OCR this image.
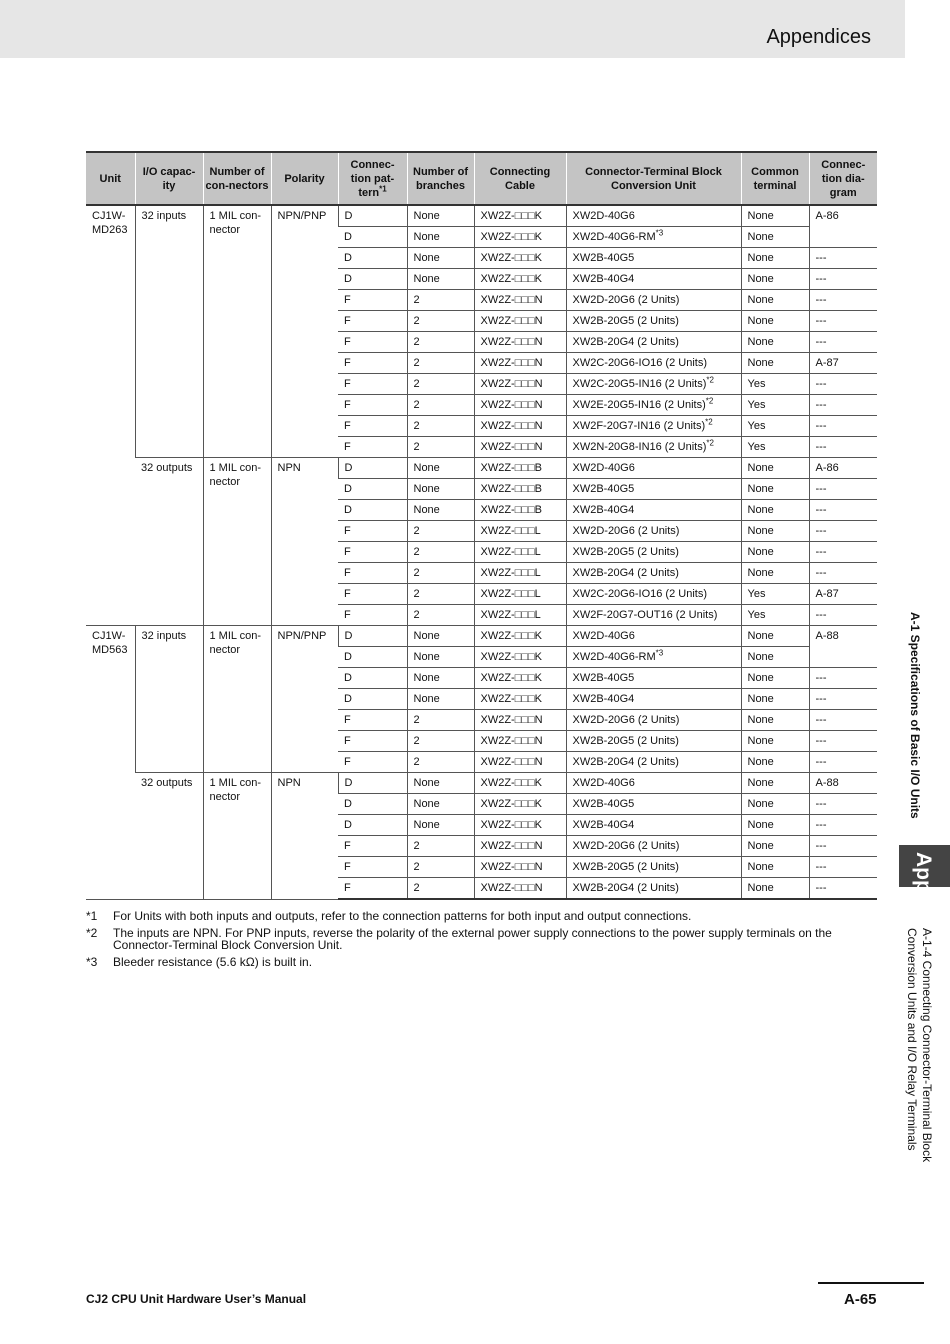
Appendices
Unit	I/O capac-ity	Number of con-nectors	Polarity	Connec-tion pat-tern$^{*1}$	Number of branches	Connecting Cable	Connector-Terminal Block Conversion Unit	Common terminal	Connec-tion dia-gram
CJ1W-MD263	32 inputs	1 MIL con-nector	NPN/PNP	D	None	XW2Z-□□□K	XW2D-40G6	None	A-86
				D	None	XW2Z-□□□K	XW2D-40G6-RM$^{*3}$	None	
				D	None	XW2Z-□□□K	XW2B-40G5	None	---
				D	None	XW2Z-□□□K	XW2B-40G4	None	---
				F	2	XW2Z-□□□N	XW2D-20G6 (2 Units)	None	---
				F	2	XW2Z-□□□N	XW2B-20G5 (2 Units)	None	---
				F	2	XW2Z-□□□N	XW2B-20G4 (2 Units)	None	---
				F	2	XW2Z-□□□N	XW2C-20G6-IO16 (2 Units)	None	A-87
				F	2	XW2Z-□□□N	XW2C-20G5-IN16 (2 Units)$^{*2}$	Yes	---
				F	2	XW2Z-□□□N	XW2E-20G5-IN16 (2 Units)$^{*2}$	Yes	---
				F	2	XW2Z-□□□N	XW2F-20G7-IN16 (2 Units)$^{*2}$	Yes	---
				F	2	XW2Z-□□□N	XW2N-20G8-IN16 (2 Units)$^{*2}$	Yes	---
	32 outputs	1 MIL con-nector	NPN	D	None	XW2Z-□□□B	XW2D-40G6	None	A-86
				D	None	XW2Z-□□□B	XW2B-40G5	None	---
				D	None	XW2Z-□□□B	XW2B-40G4	None	---
				F	2	XW2Z-□□□L	XW2D-20G6 (2 Units)	None	---
				F	2	XW2Z-□□□L	XW2B-20G5 (2 Units)	None	---
				F	2	XW2Z-□□□L	XW2B-20G4 (2 Units)	None	---
				F	2	XW2Z-□□□L	XW2C-20G6-IO16 (2 Units)	Yes	A-87
				F	2	XW2Z-□□□L	XW2F-20G7-OUT16 (2 Units)	Yes	---
CJ1W-MD563	32 inputs	1 MIL con-nector	NPN/PNP	D	None	XW2Z-□□□K	XW2D-40G6	None	A-88
				D	None	XW2Z-□□□K	XW2D-40G6-RM$^{*3}$	None	
				D	None	XW2Z-□□□K	XW2B-40G5	None	---
				D	None	XW2Z-□□□K	XW2B-40G4	None	---
				F	2	XW2Z-□□□N	XW2D-20G6 (2 Units)	None	---
				F	2	XW2Z-□□□N	XW2B-20G5 (2 Units)	None	---
				F	2	XW2Z-□□□N	XW2B-20G4 (2 Units)	None	---
	32 outputs	1 MIL con-nector	NPN	D	None	XW2Z-□□□K	XW2D-40G6	None	A-88
				D	None	XW2Z-□□□K	XW2B-40G5	None	---
				D	None	XW2Z-□□□K	XW2B-40G4	None	---
				F	2	XW2Z-□□□N	XW2D-20G6 (2 Units)	None	---
				F	2	XW2Z-□□□N	XW2B-20G5 (2 Units)	None	---
				F	2	XW2Z-□□□N	XW2B-20G4 (2 Units)	None	---
*1 For Units with both inputs and outputs, refer to the connection patterns for both input and output connections.
*2 The inputs are NPN. For PNP inputs, reverse the polarity of the external power supply connections to the power supply terminals on the Connector-Terminal Block Conversion Unit.
*3 Bleeder resistance (5.6 kΩ) is built in.
A-1 Specifications of Basic I/O Units
App
A-1-4 Connecting Connector-Terminal Block
Conversion Units and I/O Relay Terminals
CJ2 CPU Unit Hardware User’s Manual	A-65
